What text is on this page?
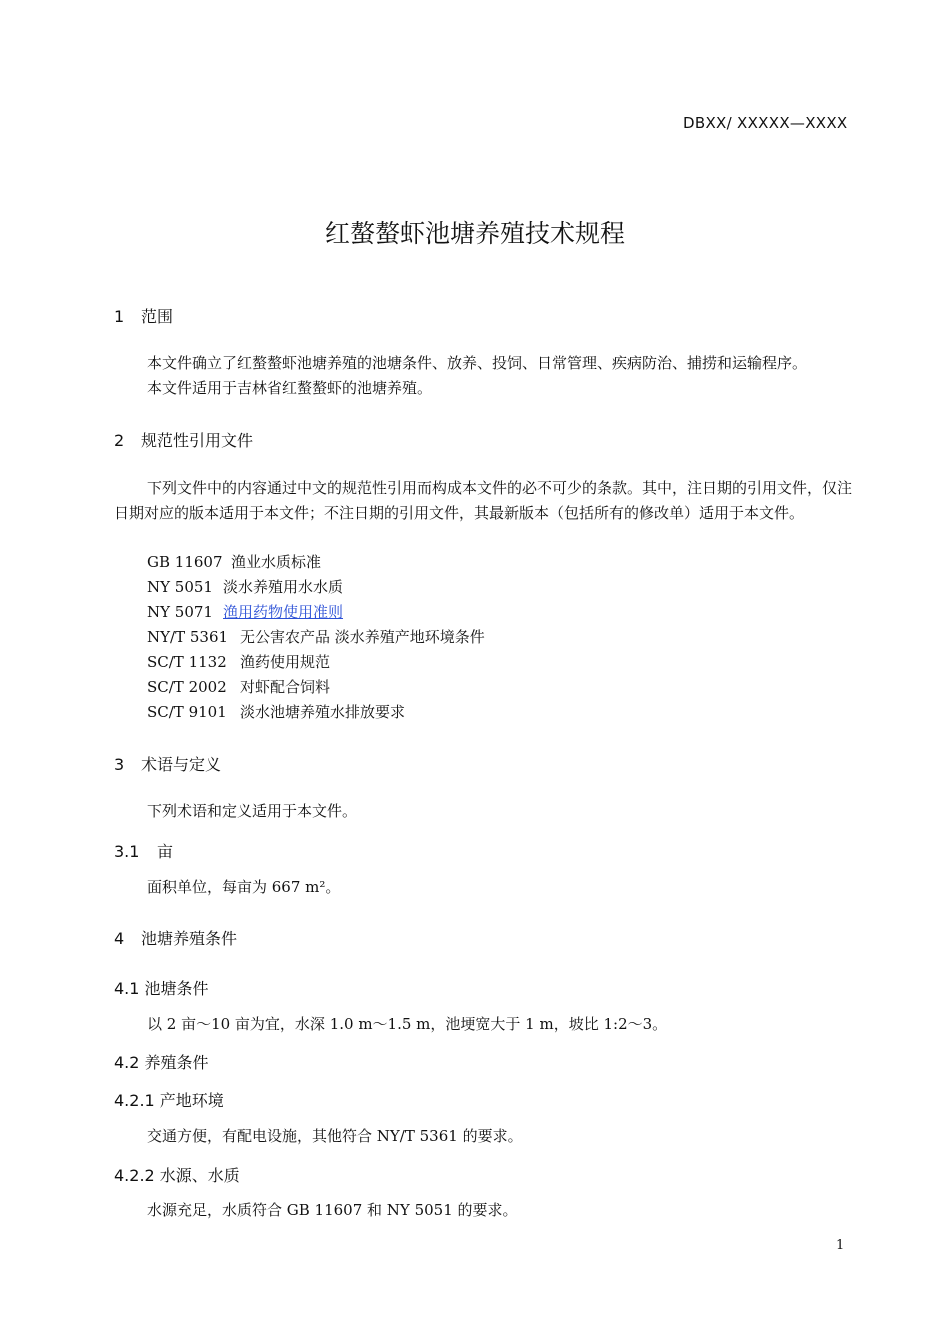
DBXX/ XXXXX—XXXX
红螯螯虾池塘养殖技术规程
1 范围
本文件确立了红螯螯虾池塘养殖的池塘条件、放养、投饲、日常管理、疾病防治、捕捞和运输程序。
本文件适用于吉林省红螯螯虾的池塘养殖。
2 规范性引用文件
下列文件中的内容通过中文的规范性引用而构成本文件的必不可少的条款。其中，注日期的引用文件，仅注日期对应的版本适用于本文件；不注日期的引用文件，其最新版本（包括所有的修改单）适用于本文件。
GB 11607 渔业水质标准
NY 5051 淡水养殖用水水质
NY 5071 渔用药物使用准则
NY/T 5361 无公害农产品 淡水养殖产地环境条件
SC/T 1132 渔药使用规范
SC/T 2002 对虾配合饲料
SC/T 9101 淡水池塘养殖水排放要求
3 术语与定义
下列术语和定义适用于本文件。
3.1 亩
面积单位，每亩为 667 m²。
4 池塘养殖条件
4.1 池塘条件
以 2 亩～10 亩为宜，水深 1.0 m～1.5 m，池埂宽大于 1 m，坡比 1:2～3。
4.2 养殖条件
4.2.1 产地环境
交通方便，有配电设施，其他符合 NY/T 5361 的要求。
4.2.2 水源、水质
水源充足，水质符合 GB 11607 和 NY 5051 的要求。
1
